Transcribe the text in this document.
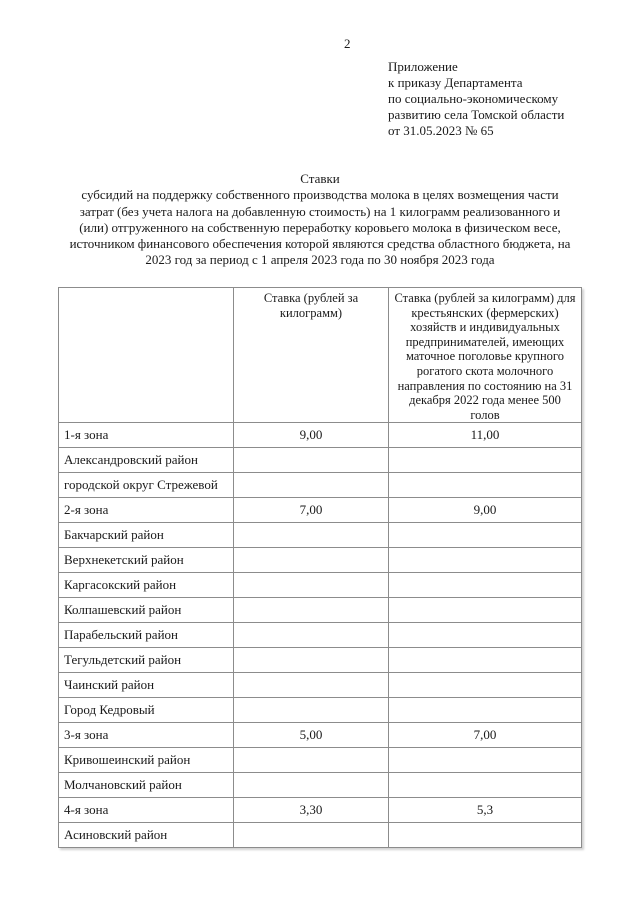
2
Приложение
к приказу Департамента
по социально-экономическому
развитию села Томской области
от 31.05.2023 № 65
Ставки
субсидий на поддержку собственного производства молока в целях возмещения части
затрат (без учета налога на добавленную стоимость) на 1 килограмм реализованного и
(или) отгруженного на собственную переработку коровьего молока в физическом весе,
источником финансового обеспечения которой являются средства областного бюджета, на
2023 год за период с 1 апреля 2023 года по 30 ноября 2023 года
	Ставка (рублей за килограмм)	Ставка (рублей за килограмм) для крестьянских (фермерских) хозяйств и индивидуальных предпринимателей, имеющих маточное поголовье крупного рогатого скота молочного направления по состоянию на 31 декабря 2022 года менее 500 голов
1-я зона	9,00	11,00
Александровский район		
городской округ Стрежевой		
2-я зона	7,00	9,00
Бакчарский район		
Верхнекетский район		
Каргасокский район		
Колпашевский район		
Парабельский район		
Тегульдетский район		
Чаинский район		
Город Кедровый		
3-я зона	5,00	7,00
Кривошеинский район		
Молчановский район		
4-я зона	3,30	5,3
Асиновский район		
